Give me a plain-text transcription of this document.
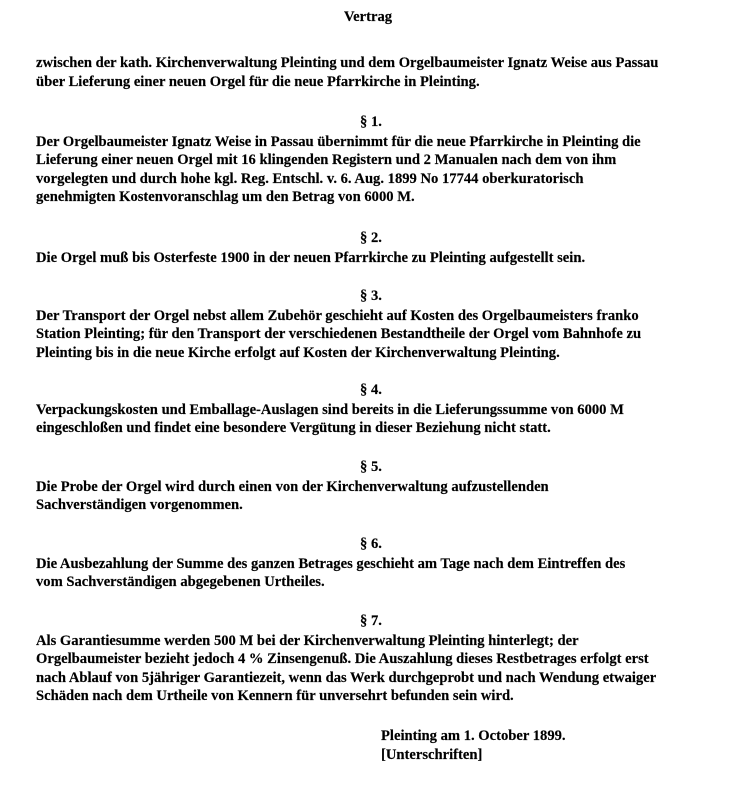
Vertrag
zwischen der kath. Kirchenverwaltung Pleinting und dem Orgelbaumeister Ignatz Weise aus Passau
über Lieferung einer neuen Orgel für die neue Pfarrkirche in Pleinting.
§ 1.
Der Orgelbaumeister Ignatz Weise in Passau übernimmt für die neue Pfarrkirche in Pleinting die
Lieferung einer neuen Orgel mit 16 klingenden Registern und 2 Manualen nach dem von ihm
vorgelegten und durch hohe kgl. Reg. Entschl. v. 6. Aug. 1899 No 17744 oberkuratorisch
genehmigten Kostenvoranschlag um den Betrag von 6000 M.
§ 2.
Die Orgel muß bis Osterfeste 1900 in der neuen Pfarrkirche zu Pleinting aufgestellt sein.
§ 3.
Der Transport der Orgel nebst allem Zubehör geschieht auf Kosten des Orgelbaumeisters franko
Station Pleinting; für den Transport der verschiedenen Bestandtheile der Orgel vom Bahnhofe zu
Pleinting bis in die neue Kirche erfolgt auf Kosten der Kirchenverwaltung Pleinting.
§ 4.
Verpackungskosten und Emballage-Auslagen sind bereits in die Lieferungssumme von 6000 M
eingeschloßen und findet eine besondere Vergütung in dieser Beziehung nicht statt.
§ 5.
Die Probe der Orgel wird durch einen von der Kirchenverwaltung aufzustellenden
Sachverständigen vorgenommen.
§ 6.
Die Ausbezahlung der Summe des ganzen Betrages geschieht am Tage nach dem Eintreffen des
vom Sachverständigen abgegebenen Urtheiles.
§ 7.
Als Garantiesumme werden 500 M bei der Kirchenverwaltung Pleinting hinterlegt; der
Orgelbaumeister bezieht jedoch 4 % Zinsengenuß. Die Auszahlung dieses Restbetrages erfolgt erst
nach Ablauf von 5jähriger Garantiezeit, wenn das Werk durchgeprobt und nach Wendung etwaiger
Schäden nach dem Urtheile von Kennern für unversehrt befunden sein wird.
Pleinting am 1. October 1899.
[Unterschriften]
